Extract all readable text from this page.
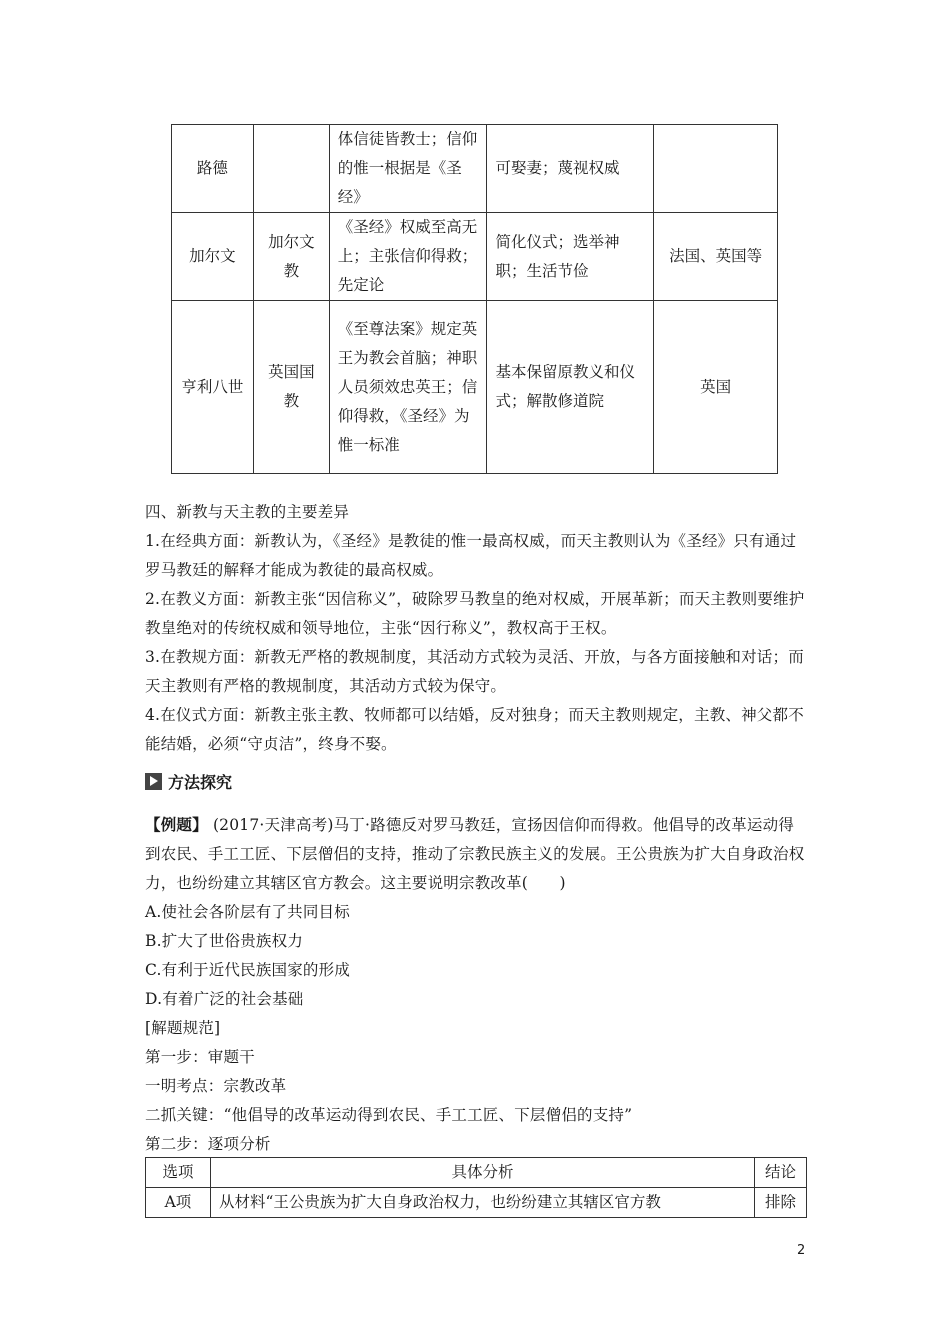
路德		体信徒皆教士；信仰的惟一根据是《圣经》	可娶妻；蔑视权威	
加尔文	加尔文教	《圣经》权威至高无上；主张信仰得救；先定论	简化仪式；选举神职；生活节俭	法国、英国等
亨利八世	英国国教	《至尊法案》规定英王为教会首脑；神职人员须效忠英王；信仰得救，《圣经》为惟一标准	基本保留原教义和仪式；解散修道院	英国

四、新教与天主教的主要差异

1.在经典方面：新教认为，《圣经》是教徒的惟一最高权威，而天主教则认为《圣经》只有通过罗马教廷的解释才能成为教徒的最高权威。

2.在教义方面：新教主张“因信称义”，破除罗马教皇的绝对权威，开展革新；而天主教则要维护教皇绝对的传统权威和领导地位，主张“因行称义”，教权高于王权。

3.在教规方面：新教无严格的教规制度，其活动方式较为灵活、开放，与各方面接触和对话；而天主教则有严格的教规制度，其活动方式较为保守。

4.在仪式方面：新教主张主教、牧师都可以结婚，反对独身；而天主教则规定，主教、神父都不能结婚，必须“守贞洁”，终身不娶。

方法探究

【例题】 (2017·天津高考)马丁·路德反对罗马教廷，宣扬因信仰而得救。他倡导的改革运动得到农民、手工工匠、下层僧侣的支持，推动了宗教民族主义的发展。王公贵族为扩大自身政治权力，也纷纷建立其辖区官方教会。这主要说明宗教改革(　　)

A.使社会各阶层有了共同目标

B.扩大了世俗贵族权力

C.有利于近代民族国家的形成

D.有着广泛的社会基础

[解题规范]

第一步：审题干

一明考点：宗教改革

二抓关键：“他倡导的改革运动得到农民、手工工匠、下层僧侣的支持”

第二步：逐项分析

选项	具体分析	结论
A项	从材料“王公贵族为扩大自身政治权力，也纷纷建立其辖区官方教	排除
2
